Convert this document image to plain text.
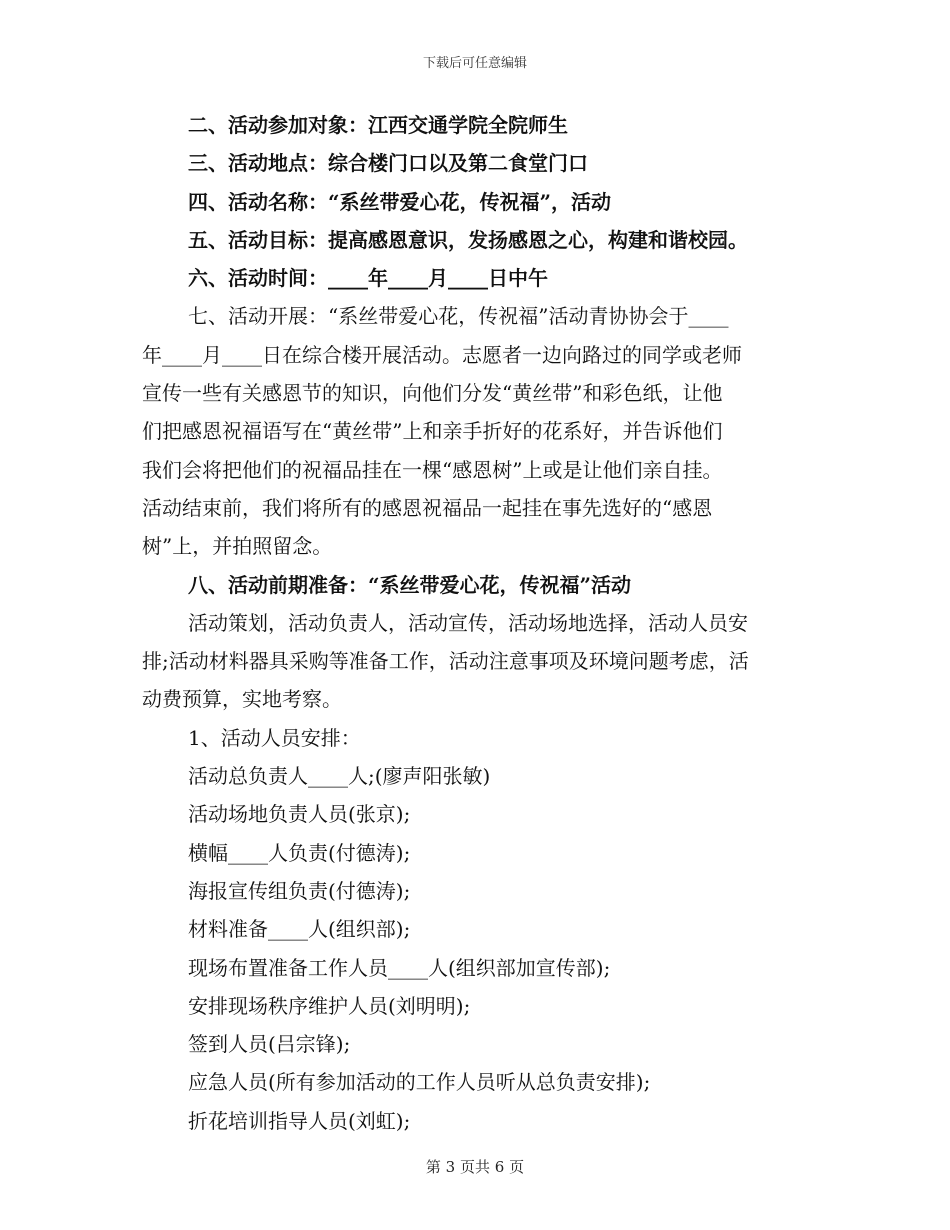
下载后可任意编辑
二、活动参加对象：江西交通学院全院师生
三、活动地点：综合楼门口以及第二食堂门口
四、活动名称：“系丝带爱心花，传祝福”，活动
五、活动目标：提高感恩意识，发扬感恩之心，构建和谐校园。
六、活动时间：____年____月____日中午
七、活动开展：“系丝带爱心花，传祝福”活动青协协会于____
年____月____日在综合楼开展活动。志愿者一边向路过的同学或老师
宣传一些有关感恩节的知识，向他们分发“黄丝带”和彩色纸，让他
们把感恩祝福语写在“黄丝带”上和亲手折好的花系好，并告诉他们
我们会将把他们的祝福品挂在一棵“感恩树”上或是让他们亲自挂。
活动结束前，我们将所有的感恩祝福品一起挂在事先选好的“感恩
树”上，并拍照留念。
八、活动前期准备：“系丝带爱心花，传祝福”活动
活动策划，活动负责人，活动宣传，活动场地选择，活动人员安
排;活动材料器具采购等准备工作，活动注意事项及环境问题考虑，活
动费预算，实地考察。
1、活动人员安排：
活动总负责人____人;(廖声阳张敏)
活动场地负责人员(张京);
横幅____人负责(付德涛);
海报宣传组负责(付德涛);
材料准备____人(组织部);
现场布置准备工作人员____人(组织部加宣传部);
安排现场秩序维护人员(刘明明);
签到人员(吕宗锋);
应急人员(所有参加活动的工作人员听从总负责安排);
折花培训指导人员(刘虹);
第 3 页共 6 页
